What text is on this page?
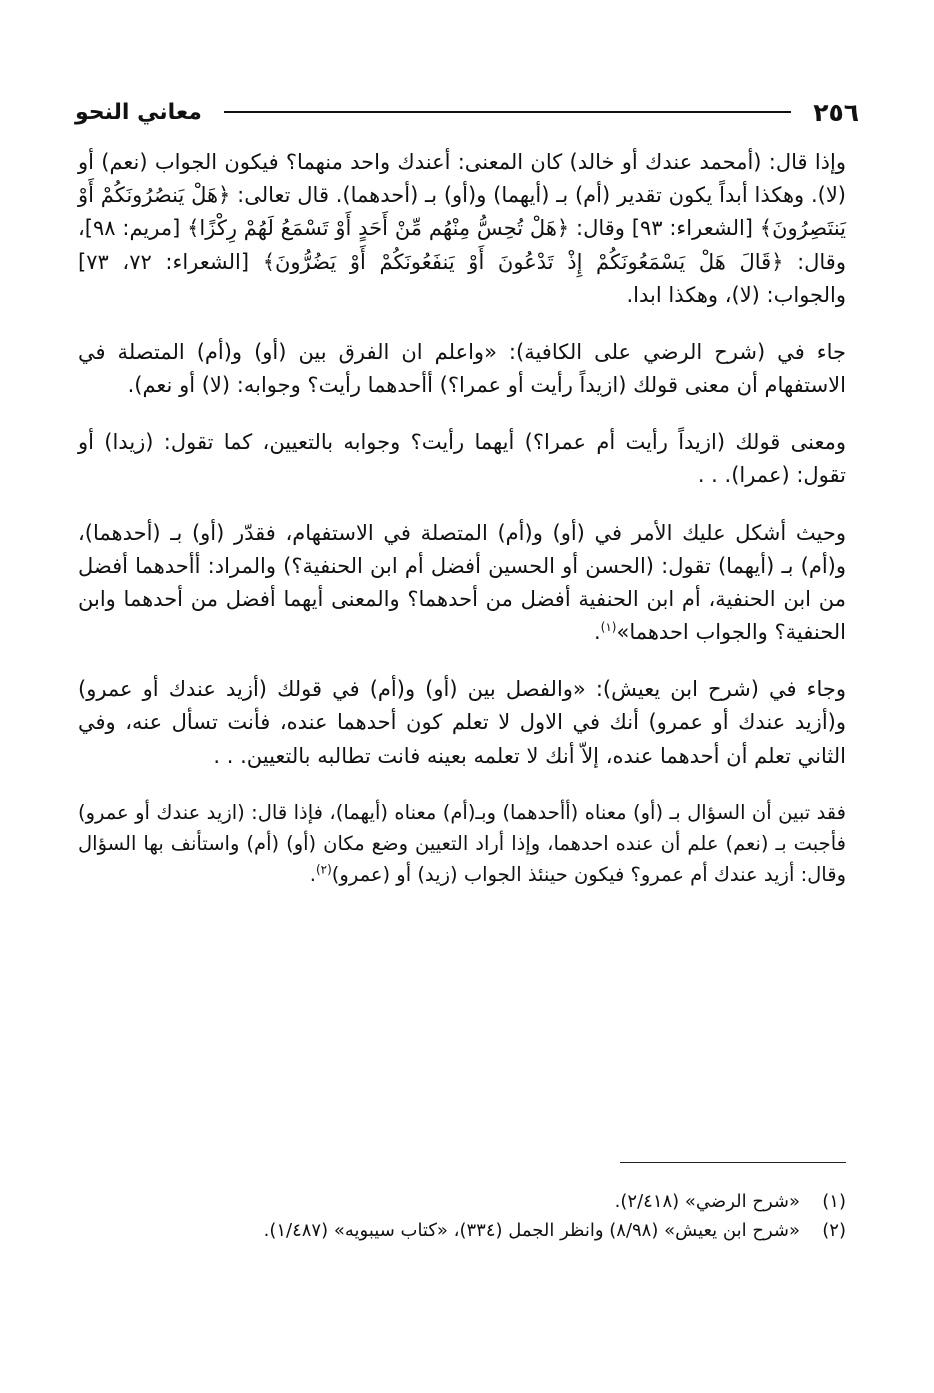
٢٥٦
معاني النحو

وإذا قال: (أمحمد عندك أو خالد) كان المعنى: أعندك واحد منهما؟ فيكون الجواب (نعم) أو (لا). وهكذا أبداً يكون تقدير (أم) بـ (أيهما) و(أو) بـ (أحدهما). قال تعالى: ﴿هَلْ يَنصُرُونَكُمْ أَوْ يَنتَصِرُونَ﴾ [الشعراء: ٩٣] وقال: ﴿هَلْ تُحِسُّ مِنْهُم مِّنْ أَحَدٍ أَوْ تَسْمَعُ لَهُمْ رِكْزًا﴾ [مريم: ٩٨]، وقال: ﴿قَالَ هَلْ يَسْمَعُونَكُمْ إِذْ تَدْعُونَ أَوْ يَنفَعُونَكُمْ أَوْ يَضُرُّونَ﴾ [الشعراء: ٧٢، ٧٣] والجواب: (لا)، وهكذا ابدا.

جاء في (شرح الرضي على الكافية): «واعلم ان الفرق بين (أو) و(أم) المتصلة في الاستفهام أن معنى قولك (ازيداً رأيت أو عمرا؟) أأحدهما رأيت؟ وجوابه: (لا) أو نعم).

ومعنى قولك (ازيداً رأيت أم عمرا؟) أيهما رأيت؟ وجوابه بالتعيين، كما تقول: (زيدا) أو تقول: (عمرا). . .

وحيث أشكل عليك الأمر في (أو) و(أم) المتصلة في الاستفهام، فقدّر (أو) بـ (أحدهما)، و(أم) بـ (أيهما) تقول: (الحسن أو الحسين أفضل أم ابن الحنفية؟) والمراد: أأحدهما أفضل من ابن الحنفية، أم ابن الحنفية أفضل من أحدهما؟ والمعنى أيهما أفضل من أحدهما وابن الحنفية؟ والجواب احدهما»$^{(١)}$.

وجاء في (شرح ابن يعيش): «والفصل بين (أو) و(أم) في قولك (أزيد عندك أو عمرو) و(أزيد عندك أو عمرو) أنك في الاول لا تعلم كون أحدهما عنده، فأنت تسأل عنه، وفي الثاني تعلم أن أحدهما عنده، إلاّ أنك لا تعلمه بعينه فانت تطالبه بالتعيين. . .

فقد تبين أن السؤال بـ (أو) معناه (أأحدهما) وبـ(أم) معناه (أيهما)، فإذا قال: (ازيد عندك أو عمرو) فأجبت بـ (نعم) علم أن عنده احدهما، وإذا أراد التعيين وضع مكان (أو) (أم) واستأنف بها السؤال وقال: أزيد عندك أم عمرو؟ فيكون حينئذ الجواب (زيد) أو (عمرو)$^{(٢)}$.

(١)
«شرح الرضي» (٢/٤١٨).
(٢)
«شرح ابن يعيش» (٨/٩٨) وانظر الجمل (٣٣٤)، «كتاب سيبويه» (١/٤٨٧).
